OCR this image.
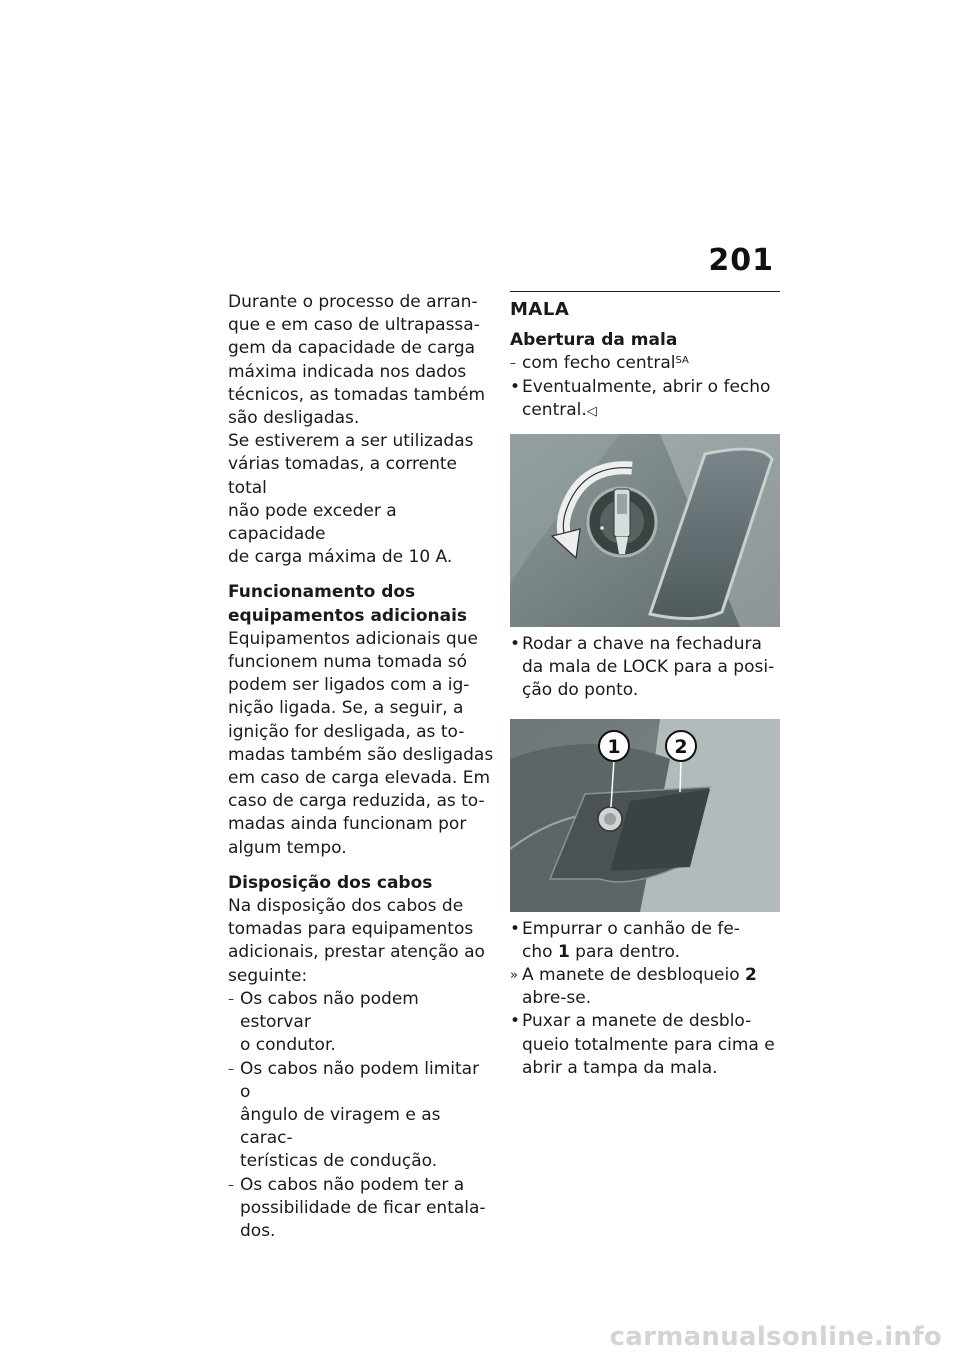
201
Durante o processo de arran-
que e em caso de ultrapassa-
gem da capacidade de carga
máxima indicada nos dados
técnicos, as tomadas também
são desligadas.
Se estiverem a ser utilizadas
várias tomadas, a corrente total
não pode exceder a capacidade
de carga máxima de 10 A.
Funcionamento dos
equipamentos adicionais
Equipamentos adicionais que
funcionem numa tomada só
podem ser ligados com a ig-
nição ligada. Se, a seguir, a
ignição for desligada, as to-
madas também são desligadas
em caso de carga elevada. Em
caso de carga reduzida, as to-
madas ainda funcionam por
algum tempo.
Disposição dos cabos
Na disposição dos cabos de
tomadas para equipamentos
adicionais, prestar atenção ao
seguinte:
– Os cabos não podem estorvar
o condutor.
– Os cabos não podem limitar o
ângulo de viragem e as carac-
terísticas de condução.
– Os cabos não podem ter a
possibilidade de ficar entala-
dos.
MALA
Abertura da mala
– com fecho central$^{SA}$
• Eventualmente, abrir o fecho
central.◁
• Rodar a chave na fechadura
da mala de LOCK para a posi-
ção do ponto.
1	2
• Empurrar o canhão de fe-
cho 1 para dentro.
» A manete de desbloqueio 2
abre-se.
• Puxar a manete de desblo-
queio totalmente para cima e
abrir a tampa da mala.
carmanualsonline.info
